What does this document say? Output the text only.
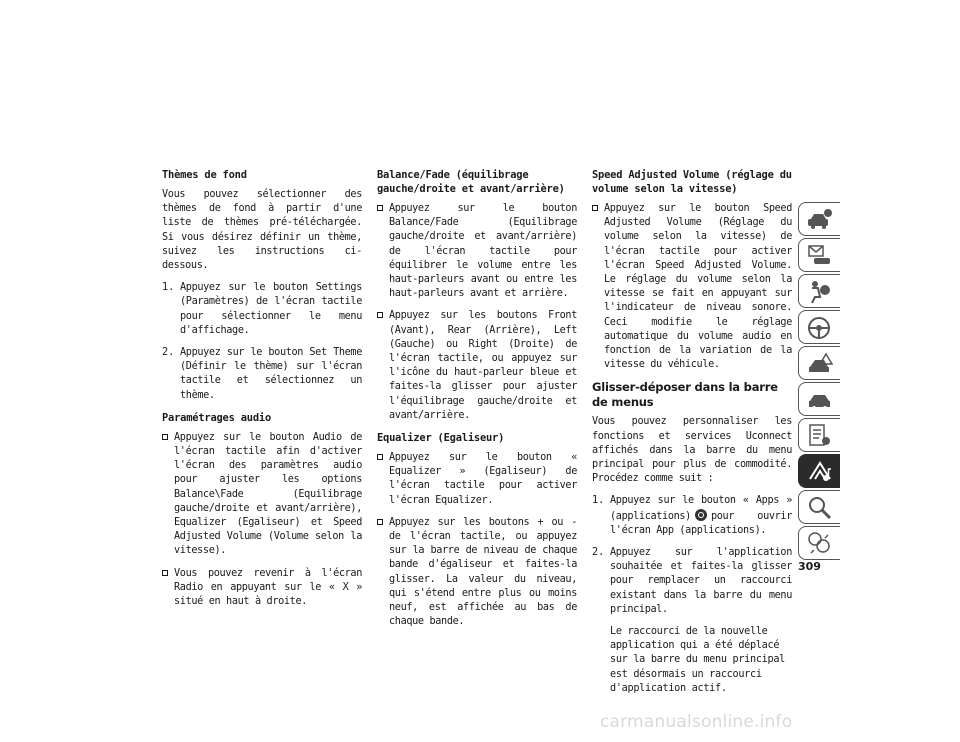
Thèmes de fond

Vous pouvez sélectionner des thèmes de fond à partir d'une liste de thèmes pré-téléchargée. Si vous désirez définir un thème, suivez les instructions ci-dessous.

1. Appuyez sur le bouton Settings (Paramètres) de l'écran tactile pour sélectionner le menu d'affichage.
2. Appuyez sur le bouton Set Theme (Définir le thème) sur l'écran tactile et sélectionnez un thème.
Paramétrages audio
Appuyez sur le bouton Audio de l'écran tactile afin d'activer l'écran des paramètres audio pour ajuster les options Balance\Fade (Equilibrage gauche/droite et avant/arrière), Equalizer (Egaliseur) et Speed Adjusted Volume (Volume selon la vitesse).
Vous pouvez revenir à l'écran Radio en appuyant sur le « X » situé en haut à droite.
Balance/Fade (équilibrage gauche/droite et avant/arrière)
Appuyez sur le bouton Balance/Fade (Equilibrage gauche/droite et avant/arrière) de l'écran tactile pour équilibrer le volume entre les haut-parleurs avant ou entre les haut-parleurs avant et arrière.
Appuyez sur les boutons Front (Avant), Rear (Arrière), Left (Gauche) ou Right (Droite) de l'écran tactile, ou appuyez sur l'icône du haut-parleur bleue et faites-la glisser pour ajuster l'équilibrage gauche/droite et avant/arrière.
Equalizer (Egaliseur)
Appuyez sur le bouton « Equalizer » (Egaliseur) de l'écran tactile pour activer l'écran Equalizer.
Appuyez sur les boutons + ou - de l'écran tactile, ou appuyez sur la barre de niveau de chaque bande d'égaliseur et faites-la glisser. La valeur du niveau, qui s'étend entre plus ou moins neuf, est affichée au bas de chaque bande.
Speed Adjusted Volume (réglage du volume selon la vitesse)
Appuyez sur le bouton Speed Adjusted Volume (Réglage du volume selon la vitesse) de l'écran tactile pour activer l'écran Speed Adjusted Volume. Le réglage du volume selon la vitesse se fait en appuyant sur l'indicateur de niveau sonore. Ceci modifie le réglage automatique du volume audio en fonction de la variation de la vitesse du véhicule.
Glisser-déposer dans la barre de menus

Vous pouvez personnaliser les fonctions et services Uconnect affichés dans la barre du menu principal pour plus de commodité. Procédez comme suit :

1. Appuyez sur le bouton « Apps » (applications) pour ouvrir l'écran App (applications).
2. Appuyez sur l'application souhaitée et faites-la glisser pour remplacer un raccourci existant dans la barre du menu principal.

Le raccourci de la nouvelle application qui a été déplacé sur la barre du menu principal est désormais un raccourci d'application actif.

309
carmanualsonline.info
